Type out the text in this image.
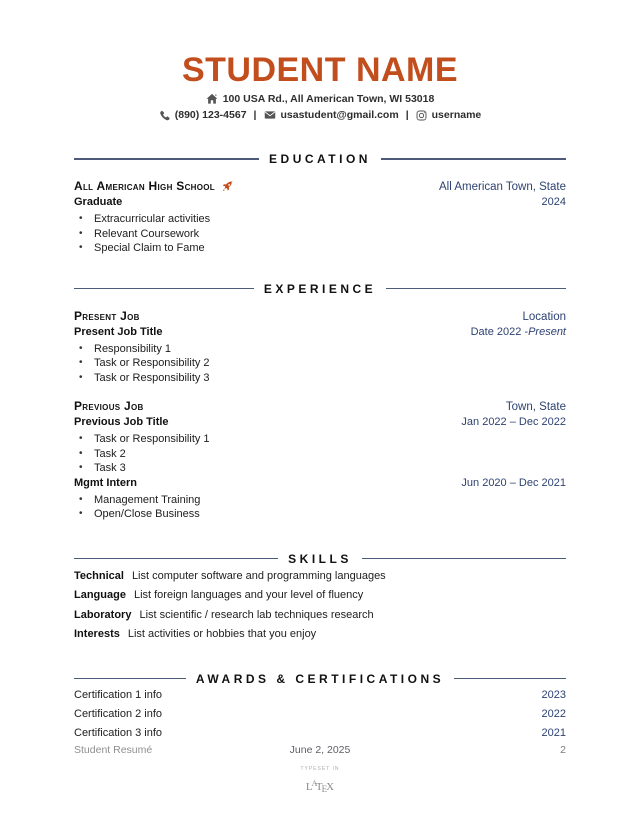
STUDENT NAME
100 USA Rd., All American Town, WI 53018
(890) 123-4567 | usastudent@gmail.com | username
EDUCATION
All American High School	All American Town, State
Graduate	2024
• Extracurricular activities
• Relevant Coursework
• Special Claim to Fame
EXPERIENCE
Present Job	Location
Present Job Title	Date 2022 -Present
• Responsibility 1
• Task or Responsibility 2
• Task or Responsibility 3
Previous Job	Town, State
Previous Job Title	Jan 2022 – Dec 2022
• Task or Responsibility 1
• Task 2
• Task 3
Mgmt Intern	Jun 2020 – Dec 2021
• Management Training
• Open/Close Business
SKILLS
Technical List computer software and programming languages
Language List foreign languages and your level of fluency
Laboratory List scientific / research lab techniques research
Interests List activities or hobbies that you enjoy
AWARDS & CERTIFICATIONS
Certification 1 info	2023
Certification 2 info	2022
Certification 3 info	2021
Student Resumé	June 2, 2025
TYPESET IN
$L^ATEX$
2
